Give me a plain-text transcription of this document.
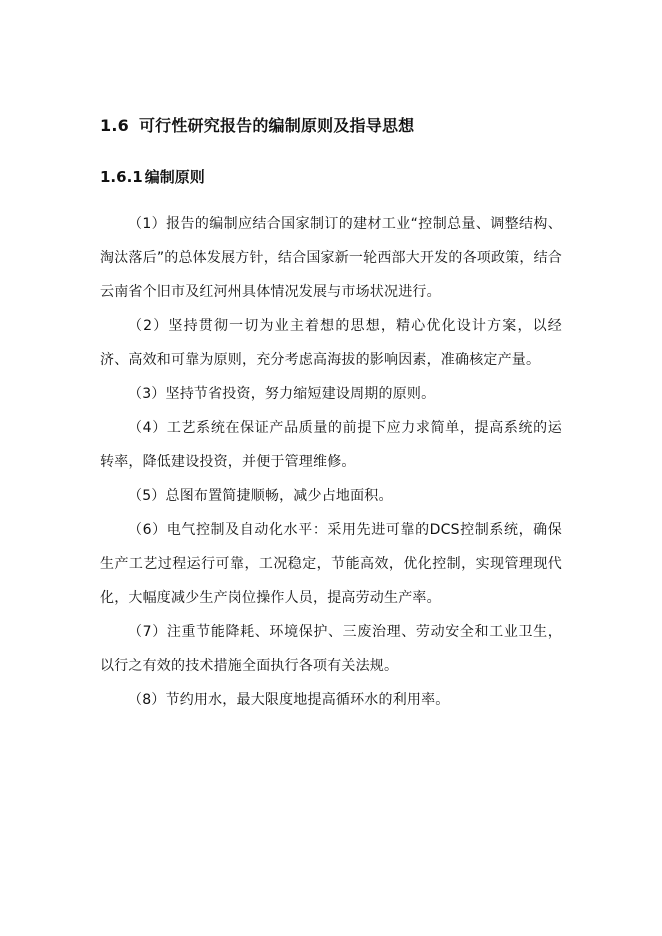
1.6 可行性研究报告的编制原则及指导思想
1.6.1 编制原则

（1）报告的编制应结合国家制订的建材工业“控制总量、调整结构、淘汰落后”的总体发展方针，结合国家新一轮西部大开发的各项政策，结合云南省个旧市及红河州具体情况发展与市场状况进行。

（2）坚持贯彻一切为业主着想的思想，精心优化设计方案，以经济、高效和可靠为原则，充分考虑高海拔的影响因素，准确核定产量。

（3）坚持节省投资，努力缩短建设周期的原则。

（4）工艺系统在保证产品质量的前提下应力求简单，提高系统的运转率，降低建设投资，并便于管理维修。

（5）总图布置简捷顺畅，减少占地面积。

（6）电气控制及自动化水平：采用先进可靠的DCS控制系统，确保生产工艺过程运行可靠，工况稳定，节能高效，优化控制，实现管理现代化，大幅度减少生产岗位操作人员，提高劳动生产率。

（7）注重节能降耗、环境保护、三废治理、劳动安全和工业卫生，以行之有效的技术措施全面执行各项有关法规。

（8）节约用水，最大限度地提高循环水的利用率。
